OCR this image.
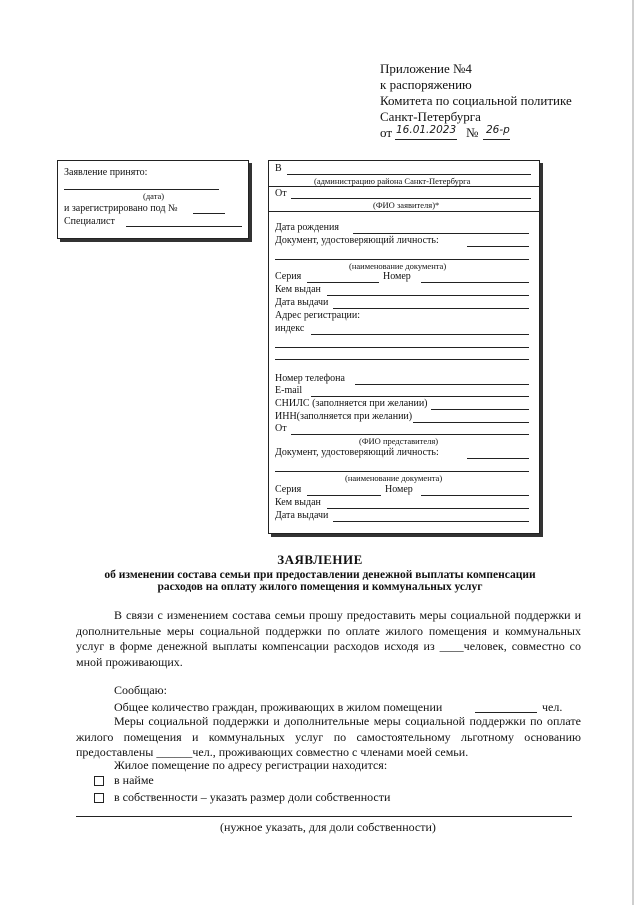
Приложение №4
к распоряжению
Комитета по социальной политике
Санкт-Петербурга
от 16.01.2023 № 26-р
Заявление принято:
(дата)
и зарегистрировано под №
Специалист
В
(администрацию района Санкт-Петербурга
От
(ФИО заявителя)*
Дата рождения
Документ, удостоверяющий личность:
(наименование документа)
Серия	Номер
Кем выдан
Дата выдачи
Адрес регистрации:
индекс
Номер телефона
E-mail
СНИЛС (заполняется при желании)
ИНН(заполняется при желании)
От
(ФИО представителя)
Документ, удостоверяющий личность:
(наименование документа)
Серия	Номер
Кем выдан
Дата выдачи
ЗАЯВЛЕНИЕ
об изменении состава семьи при предоставлении денежной выплаты компенсации
расходов на оплату жилого помещения и коммунальных услуг
В связи с изменением состава семьи прошу предоставить меры социальной поддержки и дополнительные меры социальной поддержки по оплате жилого помещения и коммунальных услуг в форме денежной выплаты компенсации расходов исходя из ____человек, совместно со мной проживающих.
Сообщаю:
Общее количество граждан, проживающих в жилом помещении	чел.
Меры социальной поддержки и дополнительные меры социальной поддержки по оплате жилого помещения и коммунальных услуг по самостоятельному льготному основанию предоставлены ______чел., проживающих совместно с членами моей семьи.
Жилое помещение по адресу регистрации находится:
в найме
в собственности – указать размер доли собственности
(нужное указать, для доли собственности)
